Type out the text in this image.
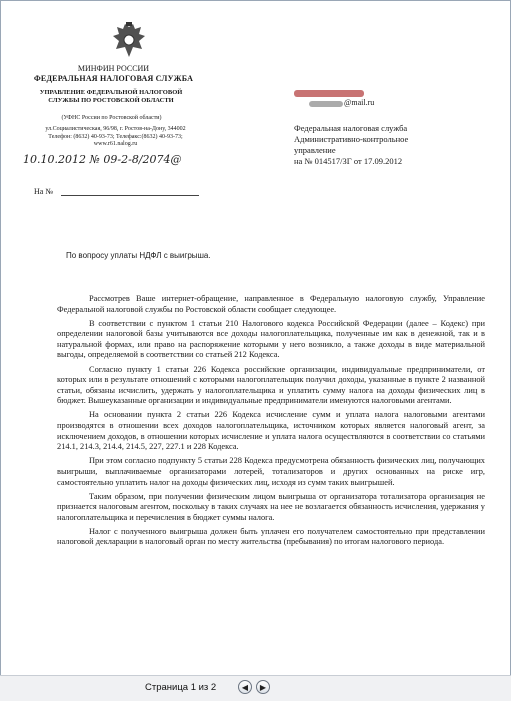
МИНФИН РОССИИ
ФЕДЕРАЛЬНАЯ НАЛОГОВАЯ СЛУЖБА
УПРАВЛЕНИЕ ФЕДЕРАЛЬНОЙ НАЛОГОВОЙ СЛУЖБЫ ПО РОСТОВСКОЙ ОБЛАСТИ
(УФНС России по Ростовской области)
ул.Социалистическая, 96/98, г. Ростов-на-Дону, 344002
Телефон: (8632) 40-93-73; Телефакс:(8632) 40-93-73;
www.r61.nalog.ru
10.10.2012 № 09-2-8/2074@
На №
@mail.ru
Федеральная налоговая служба
Административно-контрольное
управление
на № 014517/ЗГ от 17.09.2012
По вопросу уплаты НДФЛ с выигрыша.

Рассмотрев Ваше интернет-обращение, направленное в Федеральную налоговую службу, Управление Федеральной налоговой службы по Ростовской области сообщает следующее.

В соответствии с пунктом 1 статьи 210 Налогового кодекса Российской Федерации (далее – Кодекс) при определении налоговой базы учитываются все доходы налогоплательщика, полученные им как в денежной, так и в натуральной формах, или право на распоряжение которыми у него возникло, а также доходы в виде материальной выгоды, определяемой в соответствии со статьей 212 Кодекса.

Согласно пункту 1 статьи 226 Кодекса российские организации, индивидуальные предприниматели, от которых или в результате отношений с которыми налогоплательщик получил доходы, указанные в пункте 2 названной статьи, обязаны исчислить, удержать у налогоплательщика и уплатить сумму налога на доходы физических лиц в бюджет. Вышеуказанные организации и индивидуальные предприниматели именуются налоговыми агентами.

На основании пункта 2 статьи 226 Кодекса исчисление сумм и уплата налога налоговыми агентами производятся в отношении всех доходов налогоплательщика, источником которых является налоговый агент, за исключением доходов, в отношении которых исчисление и уплата налога осуществляются в соответствии со статьями 214.1, 214.3, 214.4, 214.5, 227, 227.1 и 228 Кодекса.

При этом согласно подпункту 5 статьи 228 Кодекса предусмотрена обязанность физических лиц, получающих выигрыши, выплачиваемые организаторами лотерей, тотализаторов и других основанных на риске игр, самостоятельно уплатить налог на доходы физических лиц, исходя из сумм таких выигрышей.

Таким образом, при получении физическим лицом выигрыша от организатора тотализатора организация не признается налоговым агентом, поскольку в таких случаях на нее не возлагается обязанность исчисления, удержания у налогоплательщика и перечисления в бюджет суммы налога.

Налог с полученного выигрыша должен быть уплачен его получателем самостоятельно при представлении налоговой декларации в налоговый орган по месту жительства (пребывания) по итогам налогового периода.

Страница 1 из 2	◀	▶
